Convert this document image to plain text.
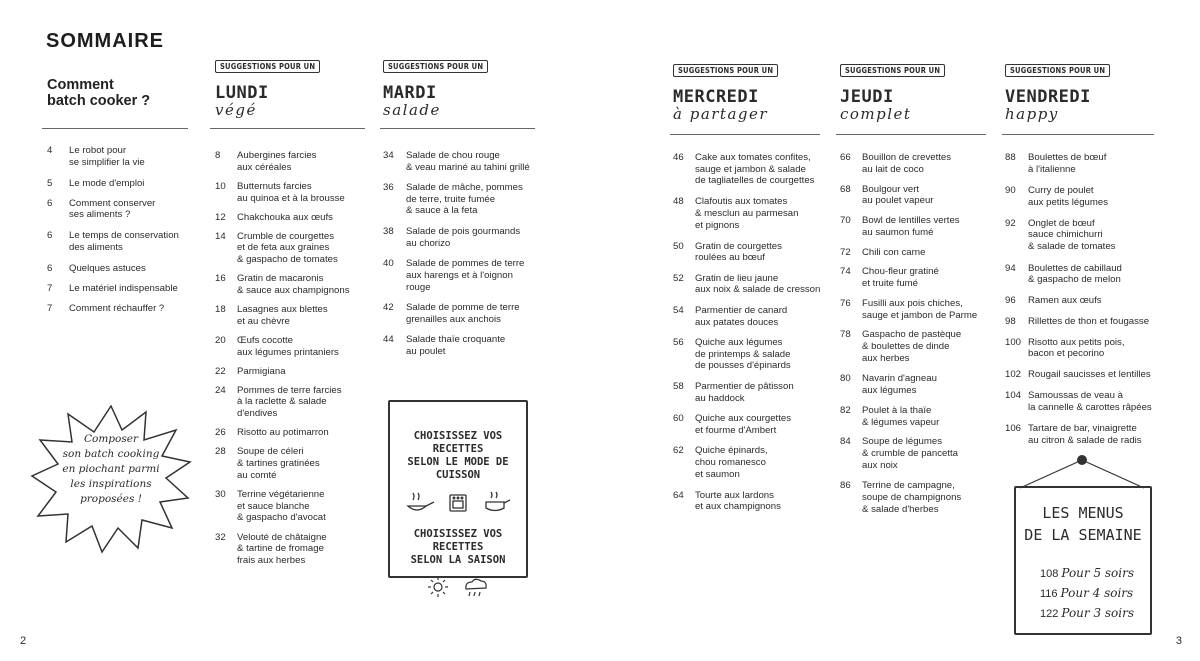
SOMMAIRE
Comment
batch cooker ?
4 Le robot pour
se simplifier la vie
5 Le mode d'emploi
6 Comment conserver
ses aliments ?
6 Le temps de conservation
des aliments
6 Quelques astuces
7 Le matériel indispensable
7 Comment réchauffer ?
Composer
son batch cooking
en piochant parmi
les inspirations
proposées !
SUGGESTIONS POUR UN
LUNDI
végé
8 Aubergines farcies
aux céréales
10 Butternuts farcies
au quinoa et à la brousse
12 Chakchouka aux œufs
14 Crumble de courgettes
et de feta aux graines
& gaspacho de tomates
16 Gratin de macaronis
& sauce aux champignons
18 Lasagnes aux blettes
et au chèvre
20 Œufs cocotte
aux légumes printaniers
22 Parmigiana
24 Pommes de terre farcies
à la raclette & salade
d'endives
26 Risotto au potimarron
28 Soupe de céleri
& tartines gratinées
au comté
30 Terrine végétarienne
et sauce blanche
& gaspacho d'avocat
32 Velouté de châtaigne
& tartine de fromage
frais aux herbes
SUGGESTIONS POUR UN
MARDI
salade
34 Salade de chou rouge
& veau mariné au tahini grillé
36 Salade de mâche, pommes
de terre, truite fumée
& sauce à la feta
38 Salade de pois gourmands
au chorizo
40 Salade de pommes de terre
aux harengs et à l'oignon
rouge
42 Salade de pomme de terre
grenailles aux anchois
44 Salade thaïe croquante
au poulet
CHOISISSEZ VOS RECETTES
SELON LE MODE DE CUISSON
CHOISISSEZ VOS RECETTES
SELON LA SAISON
2
SUGGESTIONS POUR UN
MERCREDI
à partager
46 Cake aux tomates confites,
sauge et jambon & salade
de tagliatelles de courgettes
48 Clafoutis aux tomates
& mesclun au parmesan
et pignons
50 Gratin de courgettes
roulées au bœuf
52 Gratin de lieu jaune
aux noix & salade de cresson
54 Parmentier de canard
aux patates douces
56 Quiche aux légumes
de printemps & salade
de pousses d'épinards
58 Parmentier de pâtisson
au haddock
60 Quiche aux courgettes
et fourme d'Ambert
62 Quiche épinards,
chou romanesco
et saumon
64 Tourte aux lardons
et aux champignons
SUGGESTIONS POUR UN
JEUDI
complet
66 Bouillon de crevettes
au lait de coco
68 Boulgour vert
au poulet vapeur
70 Bowl de lentilles vertes
au saumon fumé
72 Chili con carne
74 Chou-fleur gratiné
et truite fumé
76 Fusilli aux pois chiches,
sauge et jambon de Parme
78 Gaspacho de pastèque
& boulettes de dinde
aux herbes
80 Navarin d'agneau
aux légumes
82 Poulet à la thaïe
& légumes vapeur
84 Soupe de légumes
& crumble de pancetta
aux noix
86 Terrine de campagne,
soupe de champignons
& salade d'herbes
SUGGESTIONS POUR UN
VENDREDI
happy
88 Boulettes de bœuf
à l'italienne
90 Curry de poulet
aux petits légumes
92 Onglet de bœuf
sauce chimichurri
& salade de tomates
94 Boulettes de cabillaud
& gaspacho de melon
96 Ramen aux œufs
98 Rillettes de thon et fougasse
100 Risotto aux petits pois,
bacon et pecorino
102 Rougail saucisses et lentilles
104 Samoussas de veau à
la cannelle & carottes râpées
106 Tartare de bar, vinaigrette
au citron & salade de radis
LES MENUS
DE LA SEMAINE
108 Pour 5 soirs
116 Pour 4 soirs
122 Pour 3 soirs
3
